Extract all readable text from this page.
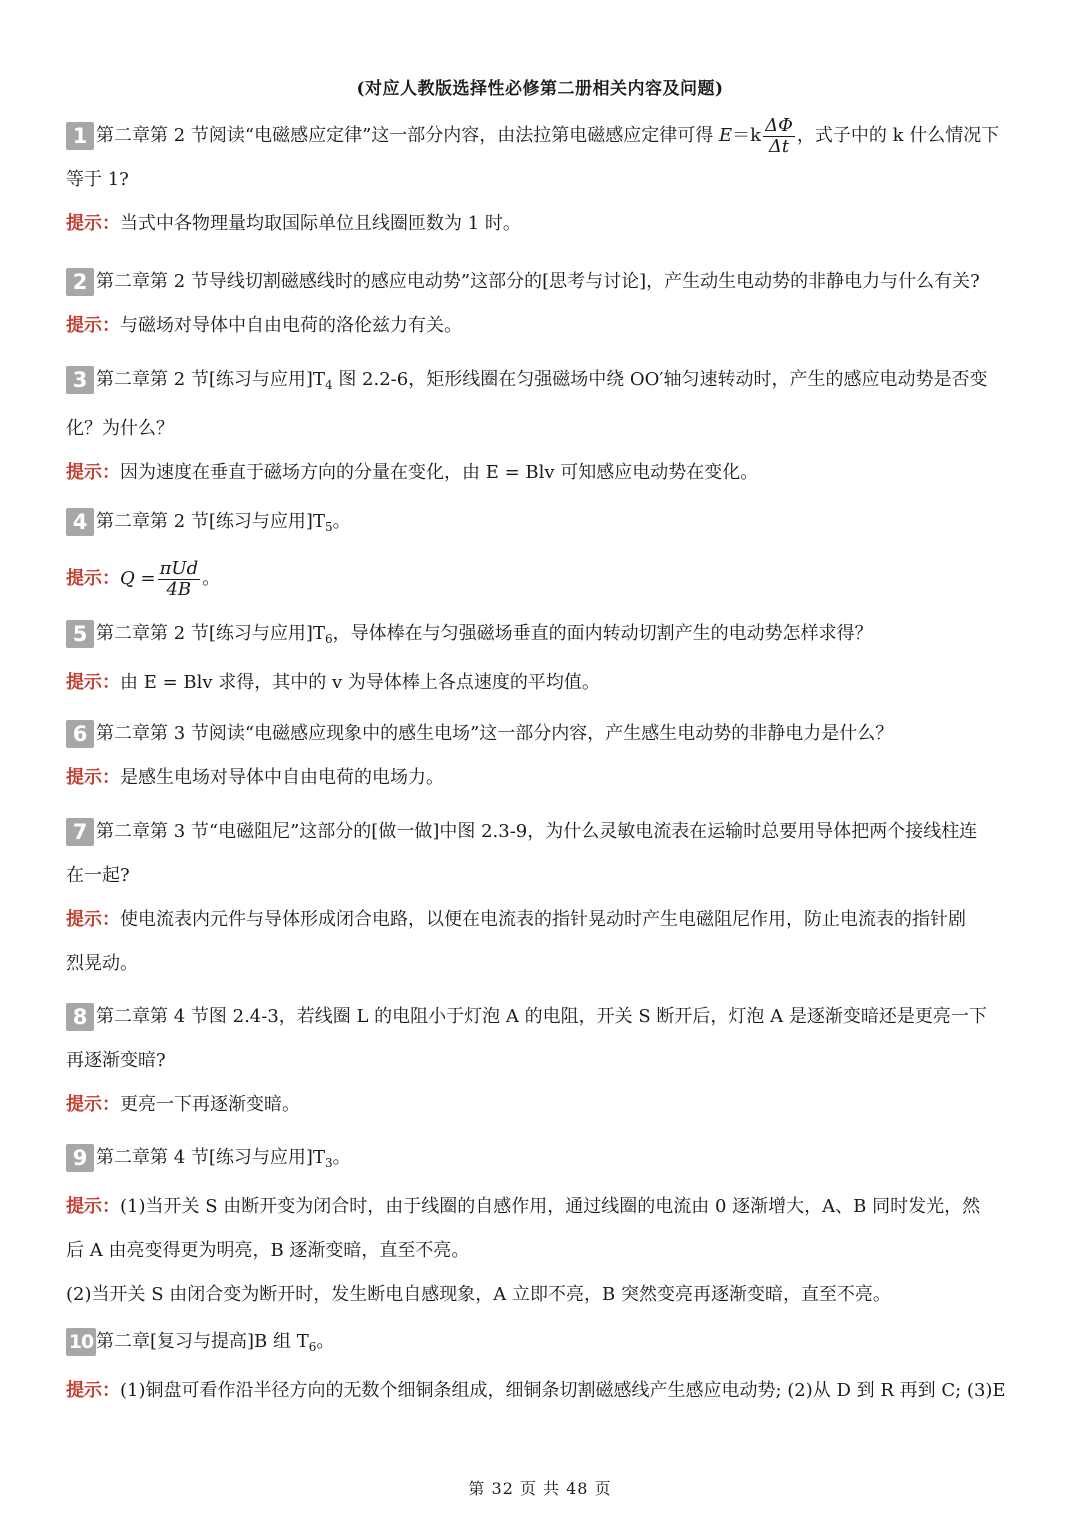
(对应人教版选择性必修第二册相关内容及问题)
1 第二章第 2 节阅读“电磁感应定律”这一部分内容，由法拉第电磁感应定律可得 $E=k \frac{\Delta\Phi}{\Delta t}$ ，式子中的 k 什么情况下
等于 1?
提示：当式中各物理量均取国际单位且线圈匝数为 1 时。
2 第二章第 2 节导线切割磁感线时的感应电动势”这部分的[思考与讨论]，产生动生电动势的非静电力与什么有关?
提示：与磁场对导体中自由电荷的洛伦兹力有关。
3 第二章第 2 节[练习与应用]$T_4$ 图 2.2-6，矩形线圈在匀强磁场中绕 OO′轴匀速转动时，产生的感应电动势是否变
化？为什么？
提示：因为速度在垂直于磁场方向的分量在变化，由 E = Blv 可知感应电动势在变化。
4 第二章第 2 节[练习与应用]$T_5$。
提示：$Q = \frac{\text{πUd}}{4B}$ 。
5 第二章第 2 节[练习与应用]$T_6$，导体棒在与匀强磁场垂直的面内转动切割产生的电动势怎样求得？
提示：由 E = Blv 求得，其中的 v 为导体棒上各点速度的平均值。
6 第二章第 3 节阅读“电磁感应现象中的感生电场”这一部分内容，产生感生电动势的非静电力是什么？
提示：是感生电场对导体中自由电荷的电场力。
7 第二章第 3 节“电磁阻尼”这部分的[做一做]中图 2.3-9，为什么灵敏电流表在运输时总要用导体把两个接线柱连
在一起?
提示：使电流表内元件与导体形成闭合电路，以便在电流表的指针晃动时产生电磁阻尼作用，防止电流表的指针剧
烈晃动。
8 第二章第 4 节图 2.4-3，若线圈 L 的电阻小于灯泡 A 的电阻，开关 S 断开后，灯泡 A 是逐渐变暗还是更亮一下
再逐渐变暗?
提示：更亮一下再逐渐变暗。
9 第二章第 4 节[练习与应用]$T_3$。
提示：(1)当开关 S 由断开变为闭合时，由于线圈的自感作用，通过线圈的电流由 0 逐渐增大，A、B 同时发光，然
后 A 由亮变得更为明亮，B 逐渐变暗，直至不亮。
(2)当开关 S 由闭合变为断开时，发生断电自感现象，A 立即不亮，B 突然变亮再逐渐变暗，直至不亮。
10 第二章[复习与提高]B 组 $T_6$。
提示：(1)铜盘可看作沿半径方向的无数个细铜条组成，细铜条切割磁感线产生感应电动势; (2)从 D 到 R 再到 C; (3)E
第 32 页 共 48 页
